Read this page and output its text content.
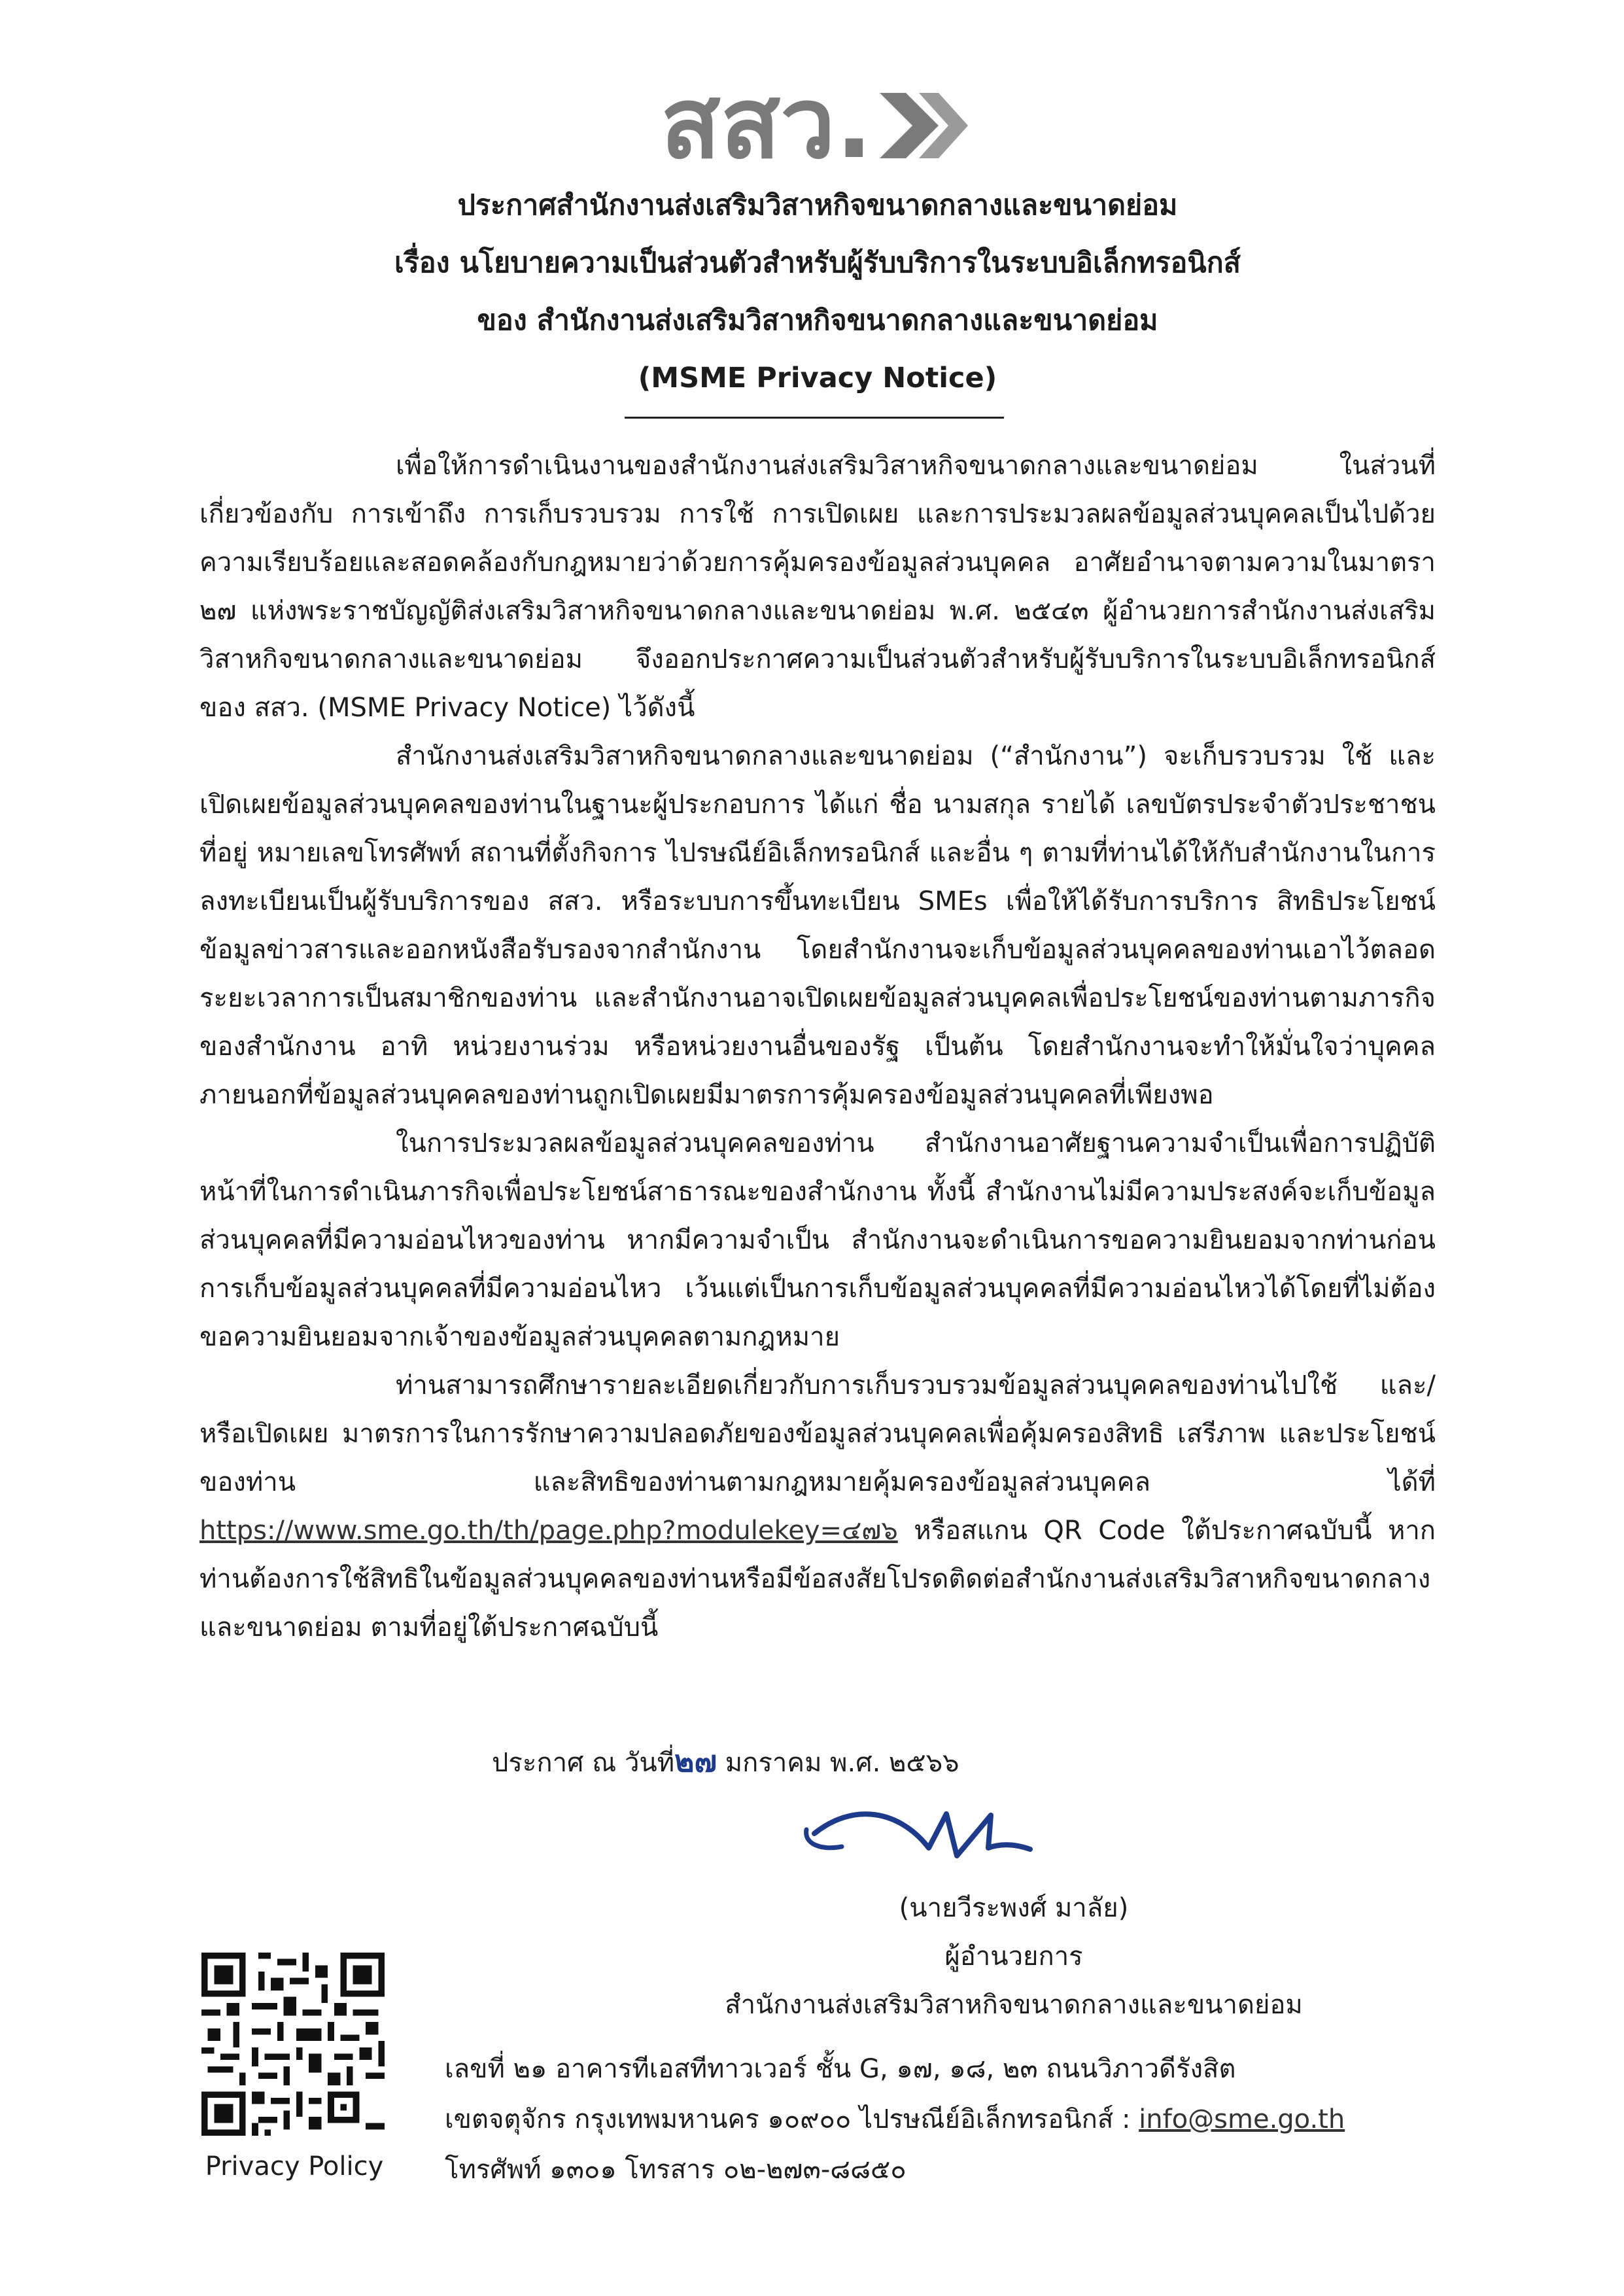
สสว.
ประกาศสำนักงานส่งเสริมวิสาหกิจขนาดกลางและขนาดย่อม
เรื่อง นโยบายความเป็นส่วนตัวสำหรับผู้รับบริการในระบบอิเล็กทรอนิกส์
ของ สำนักงานส่งเสริมวิสาหกิจขนาดกลางและขนาดย่อม
(MSME Privacy Notice)

เพื่อให้การดำเนินงานของสำนักงานส่งเสริมวิสาหกิจขนาดกลางและขนาดย่อม ในส่วนที่เกี่ยวข้องกับ การเข้าถึง การเก็บรวบรวม การใช้ การเปิดเผย และการประมวลผลข้อมูลส่วนบุคคลเป็นไปด้วยความเรียบร้อยและสอดคล้องกับกฎหมายว่าด้วยการคุ้มครองข้อมูลส่วนบุคคล อาศัยอำนาจตามความในมาตรา ๒๗ แห่งพระราชบัญญัติส่งเสริมวิสาหกิจขนาดกลางและขนาดย่อม พ.ศ. ๒๕๔๓ ผู้อำนวยการสำนักงานส่งเสริมวิสาหกิจขนาดกลางและขนาดย่อม จึงออกประกาศความเป็นส่วนตัวสำหรับผู้รับบริการในระบบอิเล็กทรอนิกส์ของ สสว. (MSME Privacy Notice) ไว้ดังนี้

สำนักงานส่งเสริมวิสาหกิจขนาดกลางและขนาดย่อม (“สำนักงาน”) จะเก็บรวบรวม ใช้ และเปิดเผยข้อมูลส่วนบุคคลของท่านในฐานะผู้ประกอบการ ได้แก่ ชื่อ นามสกุล รายได้ เลขบัตรประจำตัวประชาชน ที่อยู่ หมายเลขโทรศัพท์ สถานที่ตั้งกิจการ ไปรษณีย์อิเล็กทรอนิกส์ และอื่น ๆ ตามที่ท่านได้ให้กับสำนักงานในการลงทะเบียนเป็นผู้รับบริการของ สสว. หรือระบบการขึ้นทะเบียน SMEs เพื่อให้ได้รับการบริการ สิทธิประโยชน์ ข้อมูลข่าวสารและออกหนังสือรับรองจากสำนักงาน โดยสำนักงานจะเก็บข้อมูลส่วนบุคคลของท่านเอาไว้ตลอดระยะเวลาการเป็นสมาชิกของท่าน และสำนักงานอาจเปิดเผยข้อมูลส่วนบุคคลเพื่อประโยชน์ของท่านตามภารกิจของสำนักงาน อาทิ หน่วยงานร่วม หรือหน่วยงานอื่นของรัฐ เป็นต้น โดยสำนักงานจะทำให้มั่นใจว่าบุคคลภายนอกที่ข้อมูลส่วนบุคคลของท่านถูกเปิดเผยมีมาตรการคุ้มครองข้อมูลส่วนบุคคลที่เพียงพอ

ในการประมวลผลข้อมูลส่วนบุคคลของท่าน สำนักงานอาศัยฐานความจำเป็นเพื่อการปฏิบัติหน้าที่ในการดำเนินภารกิจเพื่อประโยชน์สาธารณะของสำนักงาน ทั้งนี้ สำนักงานไม่มีความประสงค์จะเก็บข้อมูลส่วนบุคคลที่มีความอ่อนไหวของท่าน หากมีความจำเป็น สำนักงานจะดำเนินการขอความยินยอมจากท่านก่อนการเก็บข้อมูลส่วนบุคคลที่มีความอ่อนไหว เว้นแต่เป็นการเก็บข้อมูลส่วนบุคคลที่มีความอ่อนไหวได้โดยที่ไม่ต้องขอความยินยอมจากเจ้าของข้อมูลส่วนบุคคลตามกฎหมาย

ท่านสามารถศึกษารายละเอียดเกี่ยวกับการเก็บรวบรวมข้อมูลส่วนบุคคลของท่านไปใช้ และ/หรือเปิดเผย มาตรการในการรักษาความปลอดภัยของข้อมูลส่วนบุคคลเพื่อคุ้มครองสิทธิ เสรีภาพ และประโยชน์ของท่าน และสิทธิของท่านตามกฎหมายคุ้มครองข้อมูลส่วนบุคคล ได้ที่ https://www.sme.go.th/th/page.php?modulekey=๔๗๖ หรือสแกน QR Code ใต้ประกาศฉบับนี้ หากท่านต้องการใช้สิทธิในข้อมูลส่วนบุคคลของท่านหรือมีข้อสงสัยโปรดติดต่อสำนักงานส่งเสริมวิสาหกิจขนาดกลางและขนาดย่อม ตามที่อยู่ใต้ประกาศฉบับนี้

ประกาศ ณ วันที่๒๗ มกราคม พ.ศ. ๒๕๖๖
(นายวีระพงศ์ มาลัย)
ผู้อำนวยการ
สำนักงานส่งเสริมวิสาหกิจขนาดกลางและขนาดย่อม
Privacy Policy
เลขที่ ๒๑ อาคารทีเอสทีทาวเวอร์ ชั้น G, ๑๗, ๑๘, ๒๓ ถนนวิภาวดีรังสิต
เขตจตุจักร กรุงเทพมหานคร ๑๐๙๐๐ ไปรษณีย์อิเล็กทรอนิกส์ : info@sme.go.th
โทรศัพท์ ๑๓๐๑ โทรสาร ๐๒-๒๗๓-๘๘๕๐
